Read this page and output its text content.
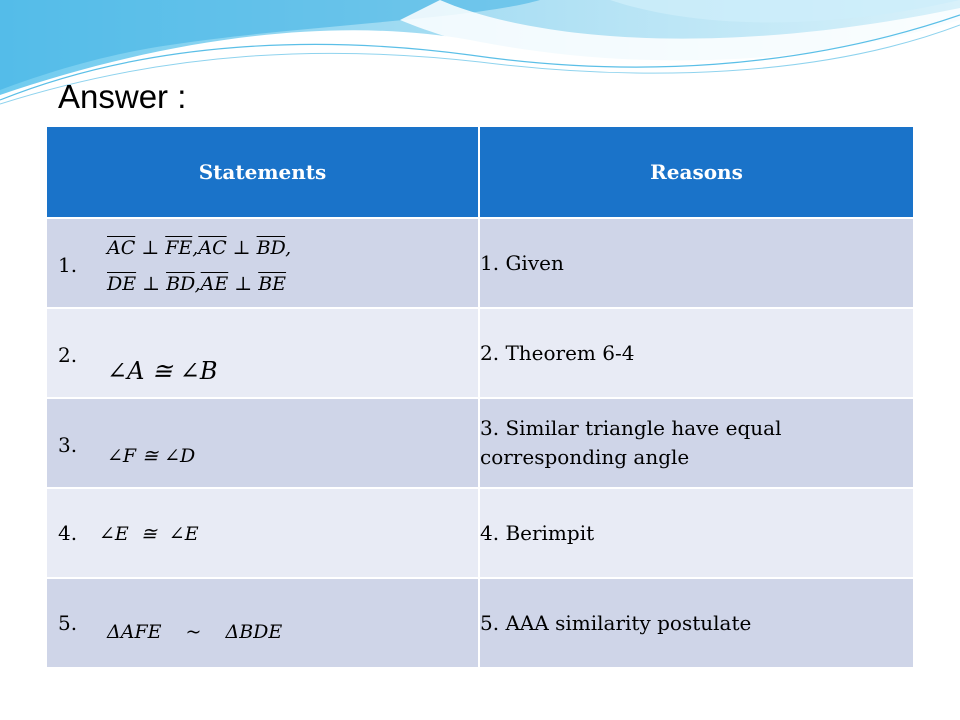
Answer :
Statements	Reasons

1.
$\overline{AC}$ ⊥ $\overline{FE},\overline{AC}$ ⊥ $\overline{BD}$,
$\overline{DE}$ ⊥ $\overline{BD},\overline{AE}$ ⊥ $\overline{BE}$	1. Given

2.
∠A ≅ ∠B	2. Theorem 6-4

3. ∠F ≅ ∠D	3. Similar triangle have equal corresponding angle

4. ∠E ≅ ∠E	4. Berimpit

5. ΔAFE ~ ΔBDE	5. AAA similarity postulate
